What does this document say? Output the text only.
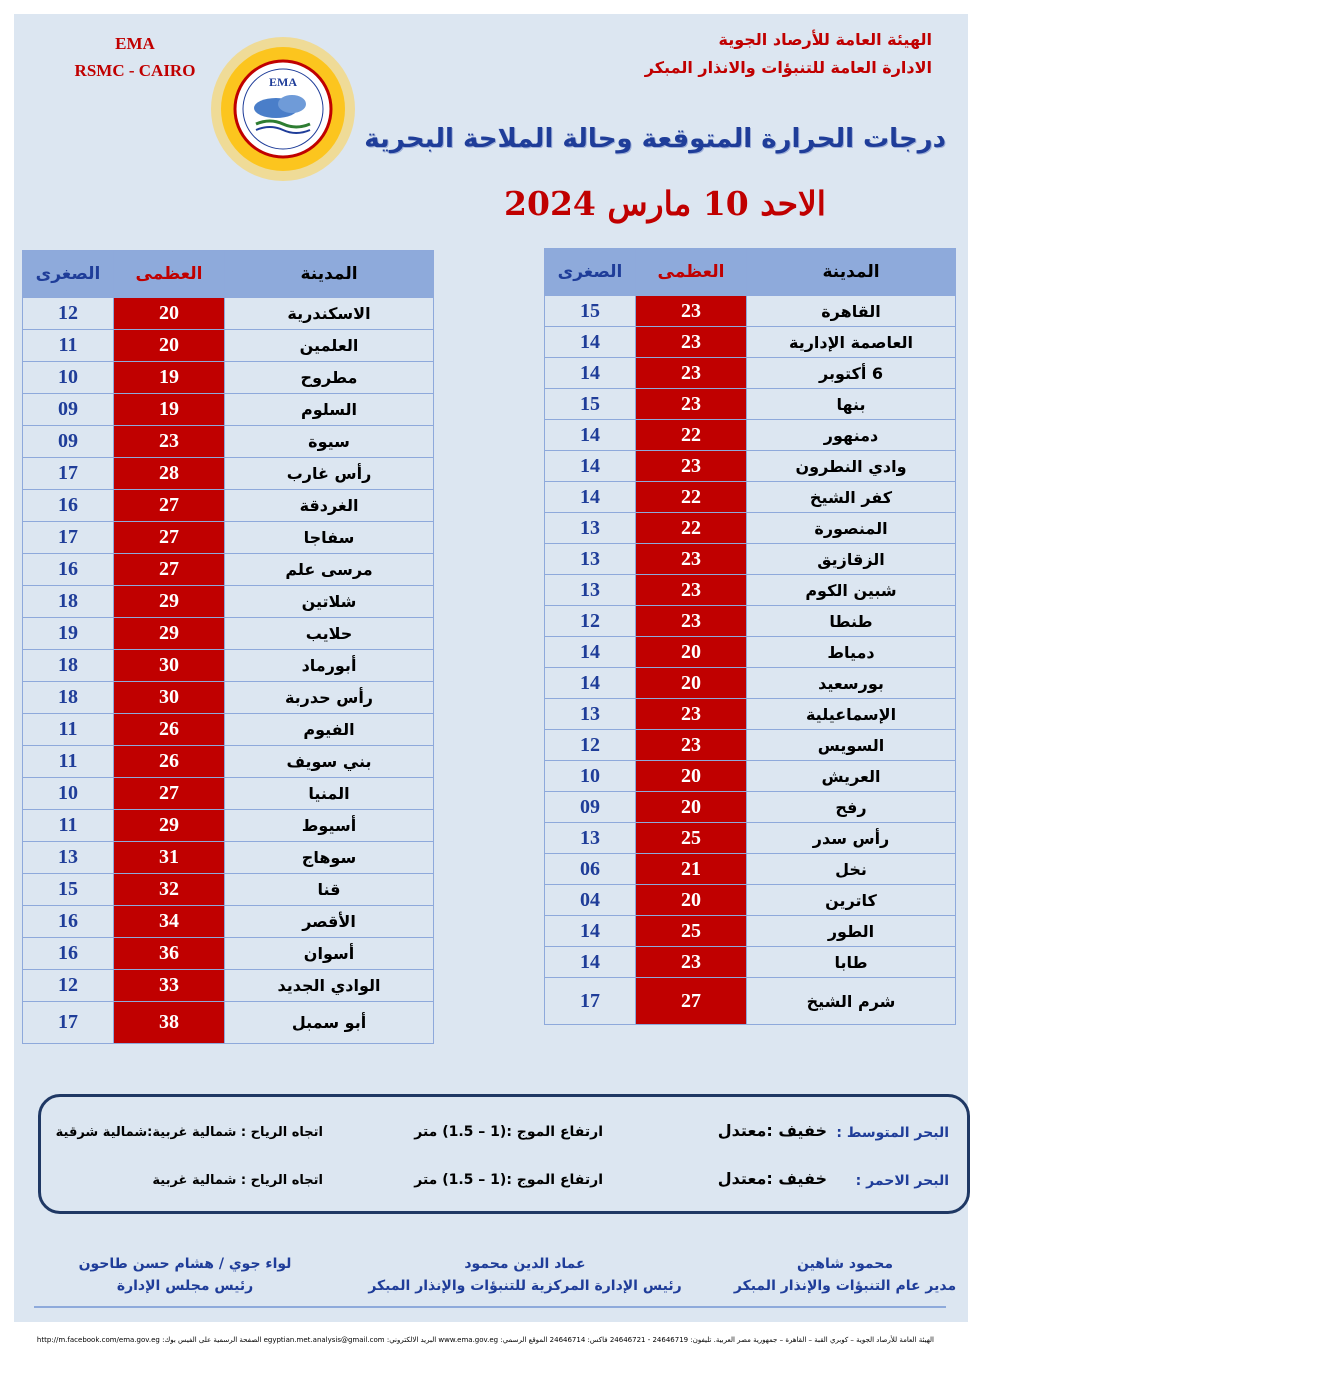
الهيئة العامة للأرصاد الجوية
الادارة العامة للتنبؤات والانذار المبكر
EMA
RSMC - CAIRO
EMA
درجات الحرارة المتوقعة وحالة الملاحة البحرية
الاحد 10 مارس 2024
الصغرى	العظمى	المدينة
15	23	القاهرة
14	23	العاصمة الإدارية
14	23	6 أكتوبر
15	23	بنها
14	22	دمنهور
14	23	وادي النطرون
14	22	كفر الشيخ
13	22	المنصورة
13	23	الزقازيق
13	23	شبين الكوم
12	23	طنطا
14	20	دمياط
14	20	بورسعيد
13	23	الإسماعيلية
12	23	السويس
10	20	العريش
09	20	رفح
13	25	رأس سدر
06	21	نخل
04	20	كاترين
14	25	الطور
14	23	طابا
17	27	شرم الشيخ
الصغرى	العظمى	المدينة
12	20	الاسكندرية
11	20	العلمين
10	19	مطروح
09	19	السلوم
09	23	سيوة
17	28	رأس غارب
16	27	الغردقة
17	27	سفاجا
16	27	مرسى علم
18	29	شلاتين
19	29	حلايب
18	30	أبورماد
18	30	رأس حدربة
11	26	الفيوم
11	26	بني سويف
10	27	المنيا
11	29	أسيوط
13	31	سوهاج
15	32	قنا
16	34	الأقصر
16	36	أسوان
12	33	الوادي الجديد
17	38	أبو سمبل
البحر المتوسط :
خفيف :معتدل
ارتفاع الموج :(1 – 1.5) متر
اتجاه الرياح : شمالية غربية:شمالية شرقية
البحر الاحمر :
خفيف :معتدل
ارتفاع الموج :(1 – 1.5) متر
اتجاه الرياح : شمالية غربية
محمود شاهين
مدير عام التنبؤات والإنذار المبكر
عماد الدين محمود
رئيس الإدارة المركزية للتنبؤات والإنذار المبكر
لواء جوي / هشام حسن طاحون
رئيس مجلس الإدارة
الهيئة العامة للأرصاد الجوية – كوبري القبة – القاهرة – جمهورية مصر العربية. تليفون: 24646719 - 24646721 فاكس: 24646714 الموقع الرسمي: www.ema.gov.eg البريد الالكتروني: egyptian.met.analysis@gmail.com الصفحة الرسمية على الفيس بوك: http://m.facebook.com/ema.gov.eg
